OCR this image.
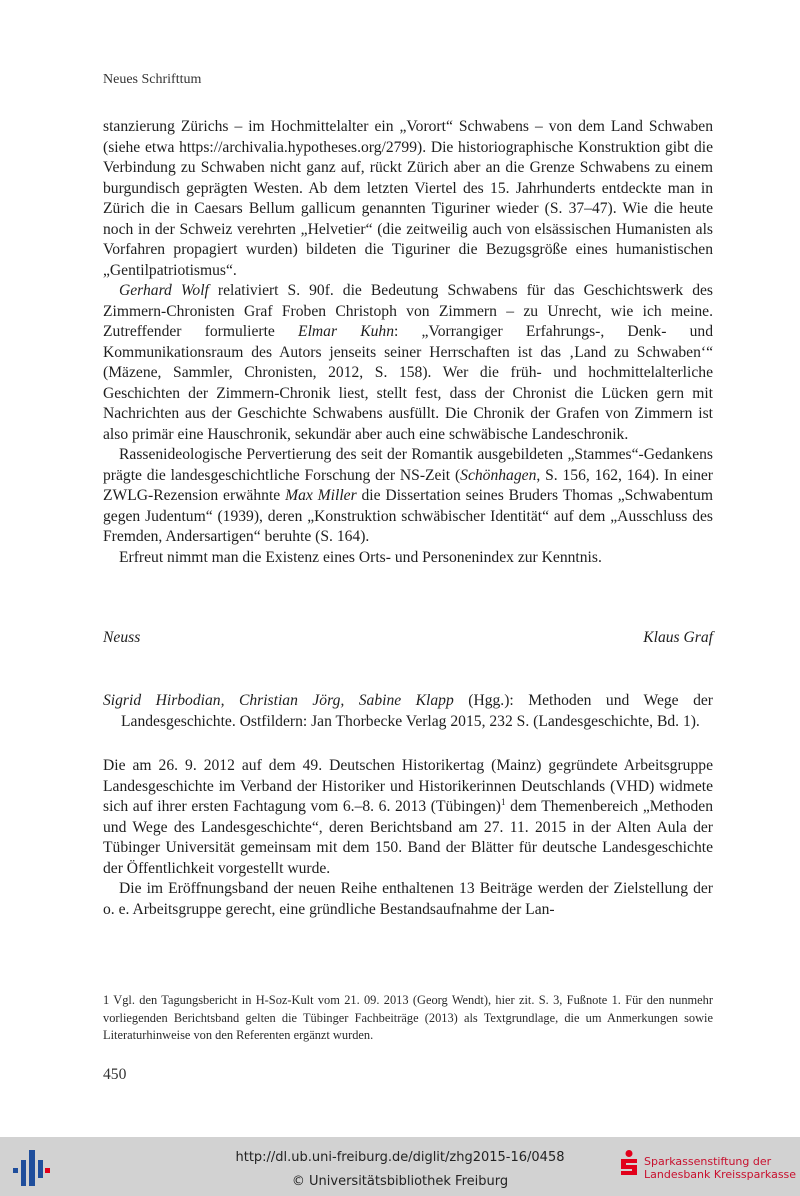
Neues Schrifttum

stanzierung Zürichs – im Hochmittelalter ein „Vorort“ Schwabens – von dem Land Schwaben (siehe etwa https://archivalia.hypotheses.org/2799). Die historiographische Konstruktion gibt die Verbindung zu Schwaben nicht ganz auf, rückt Zürich aber an die Grenze Schwabens zu einem burgundisch geprägten Westen. Ab dem letzten Viertel des 15. Jahrhunderts entdeckte man in Zürich die in Caesars Bellum gallicum genannten Tiguriner wieder (S. 37–47). Wie die heute noch in der Schweiz verehrten „Helvetier“ (die zeitweilig auch von elsässischen Humanisten als Vorfahren propagiert wurden) bildeten die Tiguriner die Bezugsgröße eines humanistischen „Gentilpatriotismus“.

Gerhard Wolf relativiert S. 90f. die Bedeutung Schwabens für das Geschichtswerk des Zimmern-Chronisten Graf Froben Christoph von Zimmern – zu Unrecht, wie ich meine. Zutreffender formulierte Elmar Kuhn: „Vorrangiger Erfahrungs-, Denk- und Kommunikationsraum des Autors jenseits seiner Herrschaften ist das ‚Land zu Schwaben‘“ (Mäzene, Sammler, Chronisten, 2012, S. 158). Wer die früh- und hochmittelalterliche Geschichten der Zimmern-Chronik liest, stellt fest, dass der Chronist die Lücken gern mit Nachrichten aus der Geschichte Schwabens ausfüllt. Die Chronik der Grafen von Zimmern ist also primär eine Hauschronik, sekundär aber auch eine schwäbische Landeschronik.

Rassenideologische Pervertierung des seit der Romantik ausgebildeten „Stammes“-Gedankens prägte die landesgeschichtliche Forschung der NS-Zeit (Schönhagen, S. 156, 162, 164). In einer ZWLG-Rezension erwähnte Max Miller die Dissertation seines Bruders Thomas „Schwabentum gegen Judentum“ (1939), deren „Konstruktion schwäbischer Identität“ auf dem „Ausschluss des Fremden, Andersartigen“ beruhte (S. 164).

Erfreut nimmt man die Existenz eines Orts- und Personenindex zur Kenntnis.

Neuss	Klaus Graf
Sigrid Hirbodian, Christian Jörg, Sabine Klapp (Hgg.): Methoden und Wege der Landesgeschichte. Ostfildern: Jan Thorbecke Verlag 2015, 232 S. (Landesgeschichte, Bd. 1).

Die am 26. 9. 2012 auf dem 49. Deutschen Historikertag (Mainz) gegründete Arbeitsgruppe Landesgeschichte im Verband der Historiker und Historikerinnen Deutschlands (VHD) widmete sich auf ihrer ersten Fachtagung vom 6.–8. 6. 2013 (Tübingen)$^1$ dem Themenbereich „Methoden und Wege des Landesgeschichte“, deren Berichtsband am 27. 11. 2015 in der Alten Aula der Tübinger Universität gemeinsam mit dem 150. Band der Blätter für deutsche Landesgeschichte der Öffentlichkeit vorgestellt wurde.

Die im Eröffnungsband der neuen Reihe enthaltenen 13 Beiträge werden der Zielstellung der o. e. Arbeitsgruppe gerecht, eine gründliche Bestandsaufnahme der Lan-

1 Vgl. den Tagungsbericht in H-Soz-Kult vom 21. 09. 2013 (Georg Wendt), hier zit. S. 3, Fußnote 1. Für den nunmehr vorliegenden Berichtsband gelten die Tübinger Fachbeiträge (2013) als Textgrundlage, die um Anmerkungen sowie Literaturhinweise von den Referenten ergänzt wurden.
450
http://dl.ub.uni-freiburg.de/diglit/zhg2015-16/0458
© Universitätsbibliothek Freiburg
Sparkassenstiftung der
Landesbank Kreissparkasse
